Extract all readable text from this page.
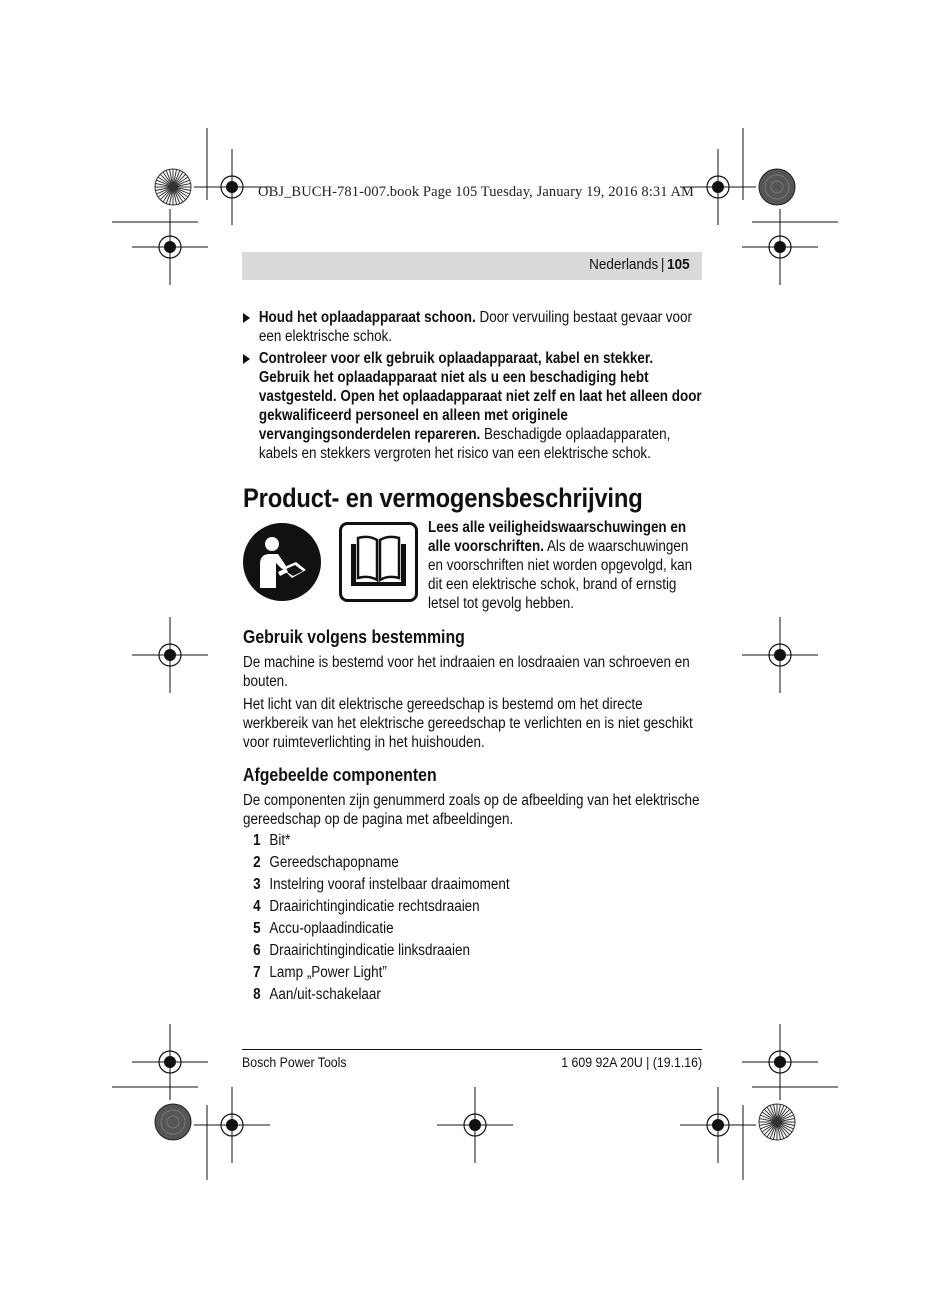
OBJ_BUCH-781-007.book Page 105 Tuesday, January 19, 2016 8:31 AM
Nederlands  |  105

Houd het oplaadapparaat schoon. Door vervuiling bestaat gevaar voor een elektrische schok.

Controleer voor elk gebruik oplaadapparaat, kabel en stekker. Gebruik het oplaadapparaat niet als u een beschadiging hebt vastgesteld. Open het oplaadapparaat niet zelf en laat het alleen door gekwalificeerd personeel en alleen met originele vervangingsonderdelen repareren. Beschadigde oplaadapparaten, kabels en stekkers vergroten het risico van een elektrische schok.

Product- en vermogensbeschrijving

Lees alle veiligheidswaarschuwingen en alle voorschriften. Als de waarschuwingen en voorschriften niet worden opgevolgd, kan dit een elektrische schok, brand of ernstig letsel tot gevolg hebben.

Gebruik volgens bestemming

De machine is bestemd voor het indraaien en losdraaien van schroeven en bouten.

Het licht van dit elektrische gereedschap is bestemd om het directe werkbereik van het elektrische gereedschap te verlichten en is niet geschikt voor ruimteverlichting in het huishouden.

Afgebeelde componenten

De componenten zijn genummerd zoals op de afbeelding van het elektrische gereedschap op de pagina met afbeeldingen.

1 Bit*
2 Gereedschapopname
3 Instelring vooraf instelbaar draaimoment
4 Draairichtingindicatie rechtsdraaien
5 Accu-oplaadindicatie
6 Draairichtingindicatie linksdraaien
7 Lamp „Power Light”
8 Aan/uit-schakelaar
Bosch Power Tools	1 609 92A 20U | (19.1.16)
